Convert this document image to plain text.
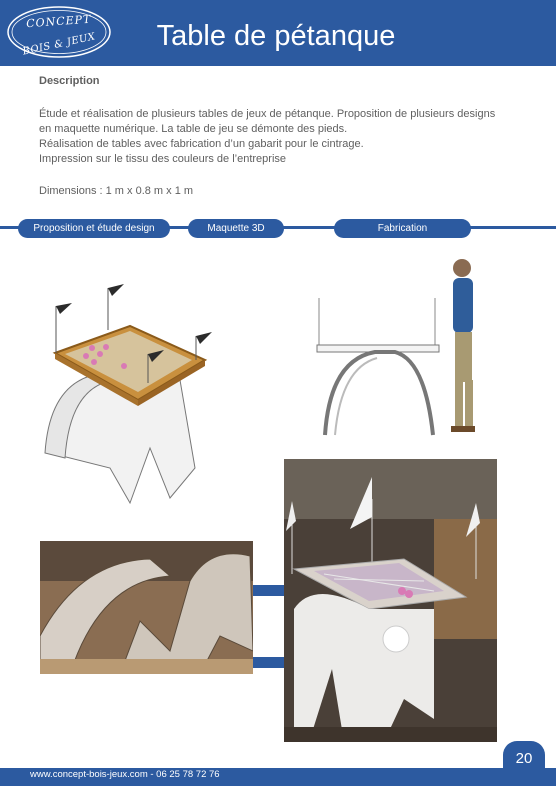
CONCEPT
BOIS & JEUX	Table de pétanque
Description
Étude et réalisation de plusieurs tables de jeux de pétanque. Proposition de plusieurs designs
en maquette numérique. La table de jeu se démonte des pieds.
Réalisation de tables avec fabrication d’un gabarit pour le cintrage.
Impression sur le tissu des couleurs de l’entreprise
Dimensions : 1 m x 0.8 m x 1 m
Proposition et étude design	Maquette 3D	Fabrication
www.concept-bois-jeux.com - 06 25 78 72 76
20
